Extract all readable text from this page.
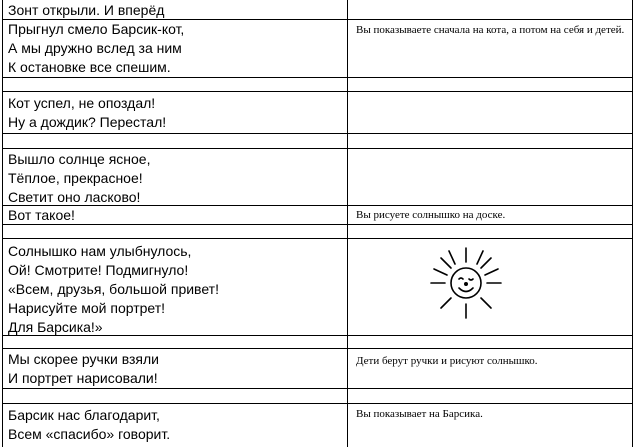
Зонт открыли. И вперёд
Прыгнул смело Барсик-кот,
А мы дружно вслед за ним
К остановке все спешим.
Вы показываете сначала на кота, а потом на себя и детей.
Кот успел, не опоздал!
Ну а дождик? Перестал!
Вышло солнце ясное,
Тёплое, прекрасное!
Светит оно ласково!
Вот такое!	Вы рисуете солнышко на доске.
Солнышко нам улыбнулось,
Ой! Смотрите! Подмигнуло!
«Всем, друзья, большой привет!
Нарисуйте мой портрет!
Для Барсика!»
Мы скорее ручки взяли
И портрет нарисовали!
Дети берут ручки и рисуют солнышко.
Барсик нас благодарит,
Всем «спасибо» говорит.
Вы показывает на Барсика.
